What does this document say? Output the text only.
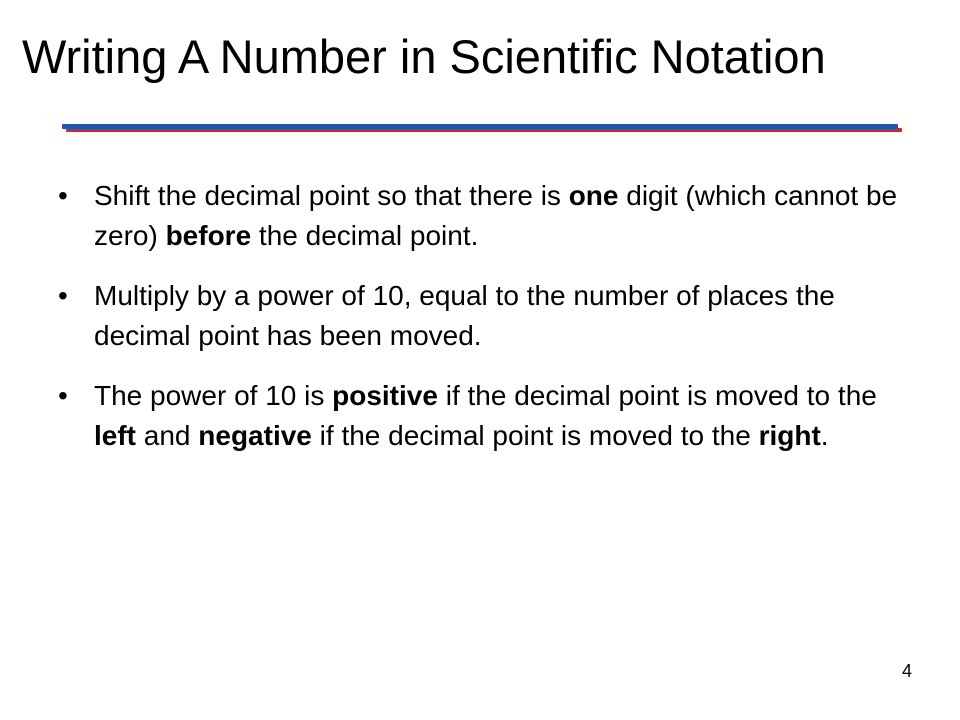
Writing A Number in Scientific Notation
• Shift the decimal point so that there is one digit (which cannot be zero) before the decimal point.
• Multiply by a power of 10, equal to the number of places the decimal point has been moved.
• The power of 10 is positive if the decimal point is moved to the left and negative if the decimal point is moved to the right.
4
